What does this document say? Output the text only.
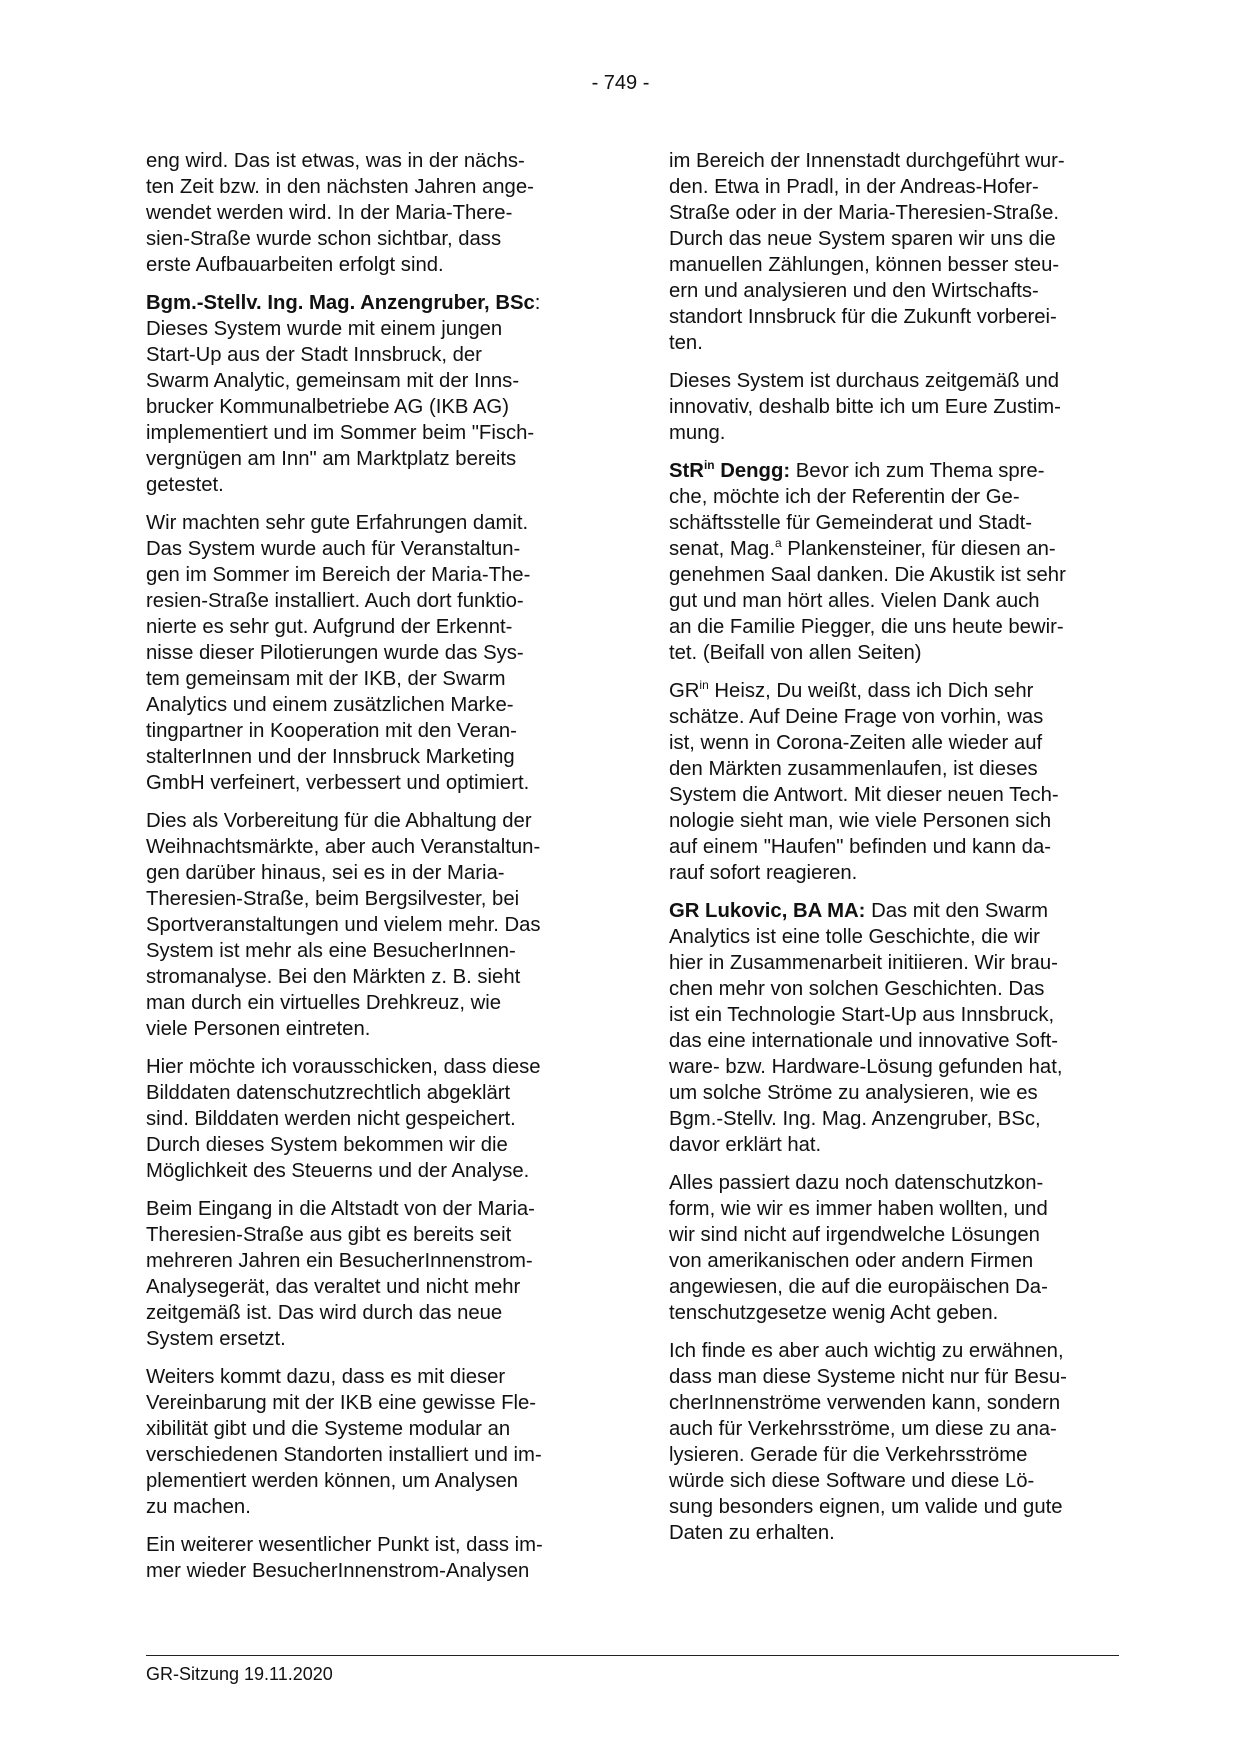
- 749 -

eng wird. Das ist etwas, was in der nächs-
ten Zeit bzw. in den nächsten Jahren ange-
wendet werden wird. In der Maria-There-
sien-Straße wurde schon sichtbar, dass
erste Aufbauarbeiten erfolgt sind.

Bgm.-Stellv. Ing. Mag. Anzengruber, BSc:
Dieses System wurde mit einem jungen
Start-Up aus der Stadt Innsbruck, der
Swarm Analytic, gemeinsam mit der Inns-
brucker Kommunalbetriebe AG (IKB AG)
implementiert und im Sommer beim "Fisch-
vergnügen am Inn" am Marktplatz bereits
getestet.

Wir machten sehr gute Erfahrungen damit.
Das System wurde auch für Veranstaltun-
gen im Sommer im Bereich der Maria-The-
resien-Straße installiert. Auch dort funktio-
nierte es sehr gut. Aufgrund der Erkennt-
nisse dieser Pilotierungen wurde das Sys-
tem gemeinsam mit der IKB, der Swarm
Analytics und einem zusätzlichen Marke-
tingpartner in Kooperation mit den Veran-
stalterInnen und der Innsbruck Marketing
GmbH verfeinert, verbessert und optimiert.

Dies als Vorbereitung für die Abhaltung der
Weihnachtsmärkte, aber auch Veranstaltun-
gen darüber hinaus, sei es in der Maria-
Theresien-Straße, beim Bergsilvester, bei
Sportveranstaltungen und vielem mehr. Das
System ist mehr als eine BesucherInnen-
stromanalyse. Bei den Märkten z. B. sieht
man durch ein virtuelles Drehkreuz, wie
viele Personen eintreten.

Hier möchte ich vorausschicken, dass diese
Bilddaten datenschutzrechtlich abgeklärt
sind. Bilddaten werden nicht gespeichert.
Durch dieses System bekommen wir die
Möglichkeit des Steuerns und der Analyse.

Beim Eingang in die Altstadt von der Maria-
Theresien-Straße aus gibt es bereits seit
mehreren Jahren ein BesucherInnenstrom-
Analysegerät, das veraltet und nicht mehr
zeitgemäß ist. Das wird durch das neue
System ersetzt.

Weiters kommt dazu, dass es mit dieser
Vereinbarung mit der IKB eine gewisse Fle-
xibilität gibt und die Systeme modular an
verschiedenen Standorten installiert und im-
plementiert werden können, um Analysen
zu machen.

Ein weiterer wesentlicher Punkt ist, dass im-
mer wieder BesucherInnenstrom-Analysen

im Bereich der Innenstadt durchgeführt wur-
den. Etwa in Pradl, in der Andreas-Hofer-
Straße oder in der Maria-Theresien-Straße.
Durch das neue System sparen wir uns die
manuellen Zählungen, können besser steu-
ern und analysieren und den Wirtschafts-
standort Innsbruck für die Zukunft vorberei-
ten.

Dieses System ist durchaus zeitgemäß und
innovativ, deshalb bitte ich um Eure Zustim-
mung.

StR$^{in}$ Dengg: Bevor ich zum Thema spre-
che, möchte ich der Referentin der Ge-
schäftsstelle für Gemeinderat und Stadt-
senat, Mag.$^a$ Plankensteiner, für diesen an-
genehmen Saal danken. Die Akustik ist sehr
gut und man hört alles. Vielen Dank auch
an die Familie Piegger, die uns heute bewir-
tet. (Beifall von allen Seiten)

$GR^{in}$ Heisz, Du weißt, dass ich Dich sehr
schätze. Auf Deine Frage von vorhin, was
ist, wenn in Corona-Zeiten alle wieder auf
den Märkten zusammenlaufen, ist dieses
System die Antwort. Mit dieser neuen Tech-
nologie sieht man, wie viele Personen sich
auf einem "Haufen" befinden und kann da-
rauf sofort reagieren.

GR Lukovic, BA MA: Das mit den Swarm
Analytics ist eine tolle Geschichte, die wir
hier in Zusammenarbeit initiieren. Wir brau-
chen mehr von solchen Geschichten. Das
ist ein Technologie Start-Up aus Innsbruck,
das eine internationale und innovative Soft-
ware- bzw. Hardware-Lösung gefunden hat,
um solche Ströme zu analysieren, wie es
Bgm.-Stellv. Ing. Mag. Anzengruber, BSc,
davor erklärt hat.

Alles passiert dazu noch datenschutzkon-
form, wie wir es immer haben wollten, und
wir sind nicht auf irgendwelche Lösungen
von amerikanischen oder andern Firmen
angewiesen, die auf die europäischen Da-
tenschutzgesetze wenig Acht geben.

Ich finde es aber auch wichtig zu erwähnen,
dass man diese Systeme nicht nur für Besu-
cherInnenströme verwenden kann, sondern
auch für Verkehrsströme, um diese zu ana-
lysieren. Gerade für die Verkehrsströme
würde sich diese Software und diese Lö-
sung besonders eignen, um valide und gute
Daten zu erhalten.

GR-Sitzung 19.11.2020
